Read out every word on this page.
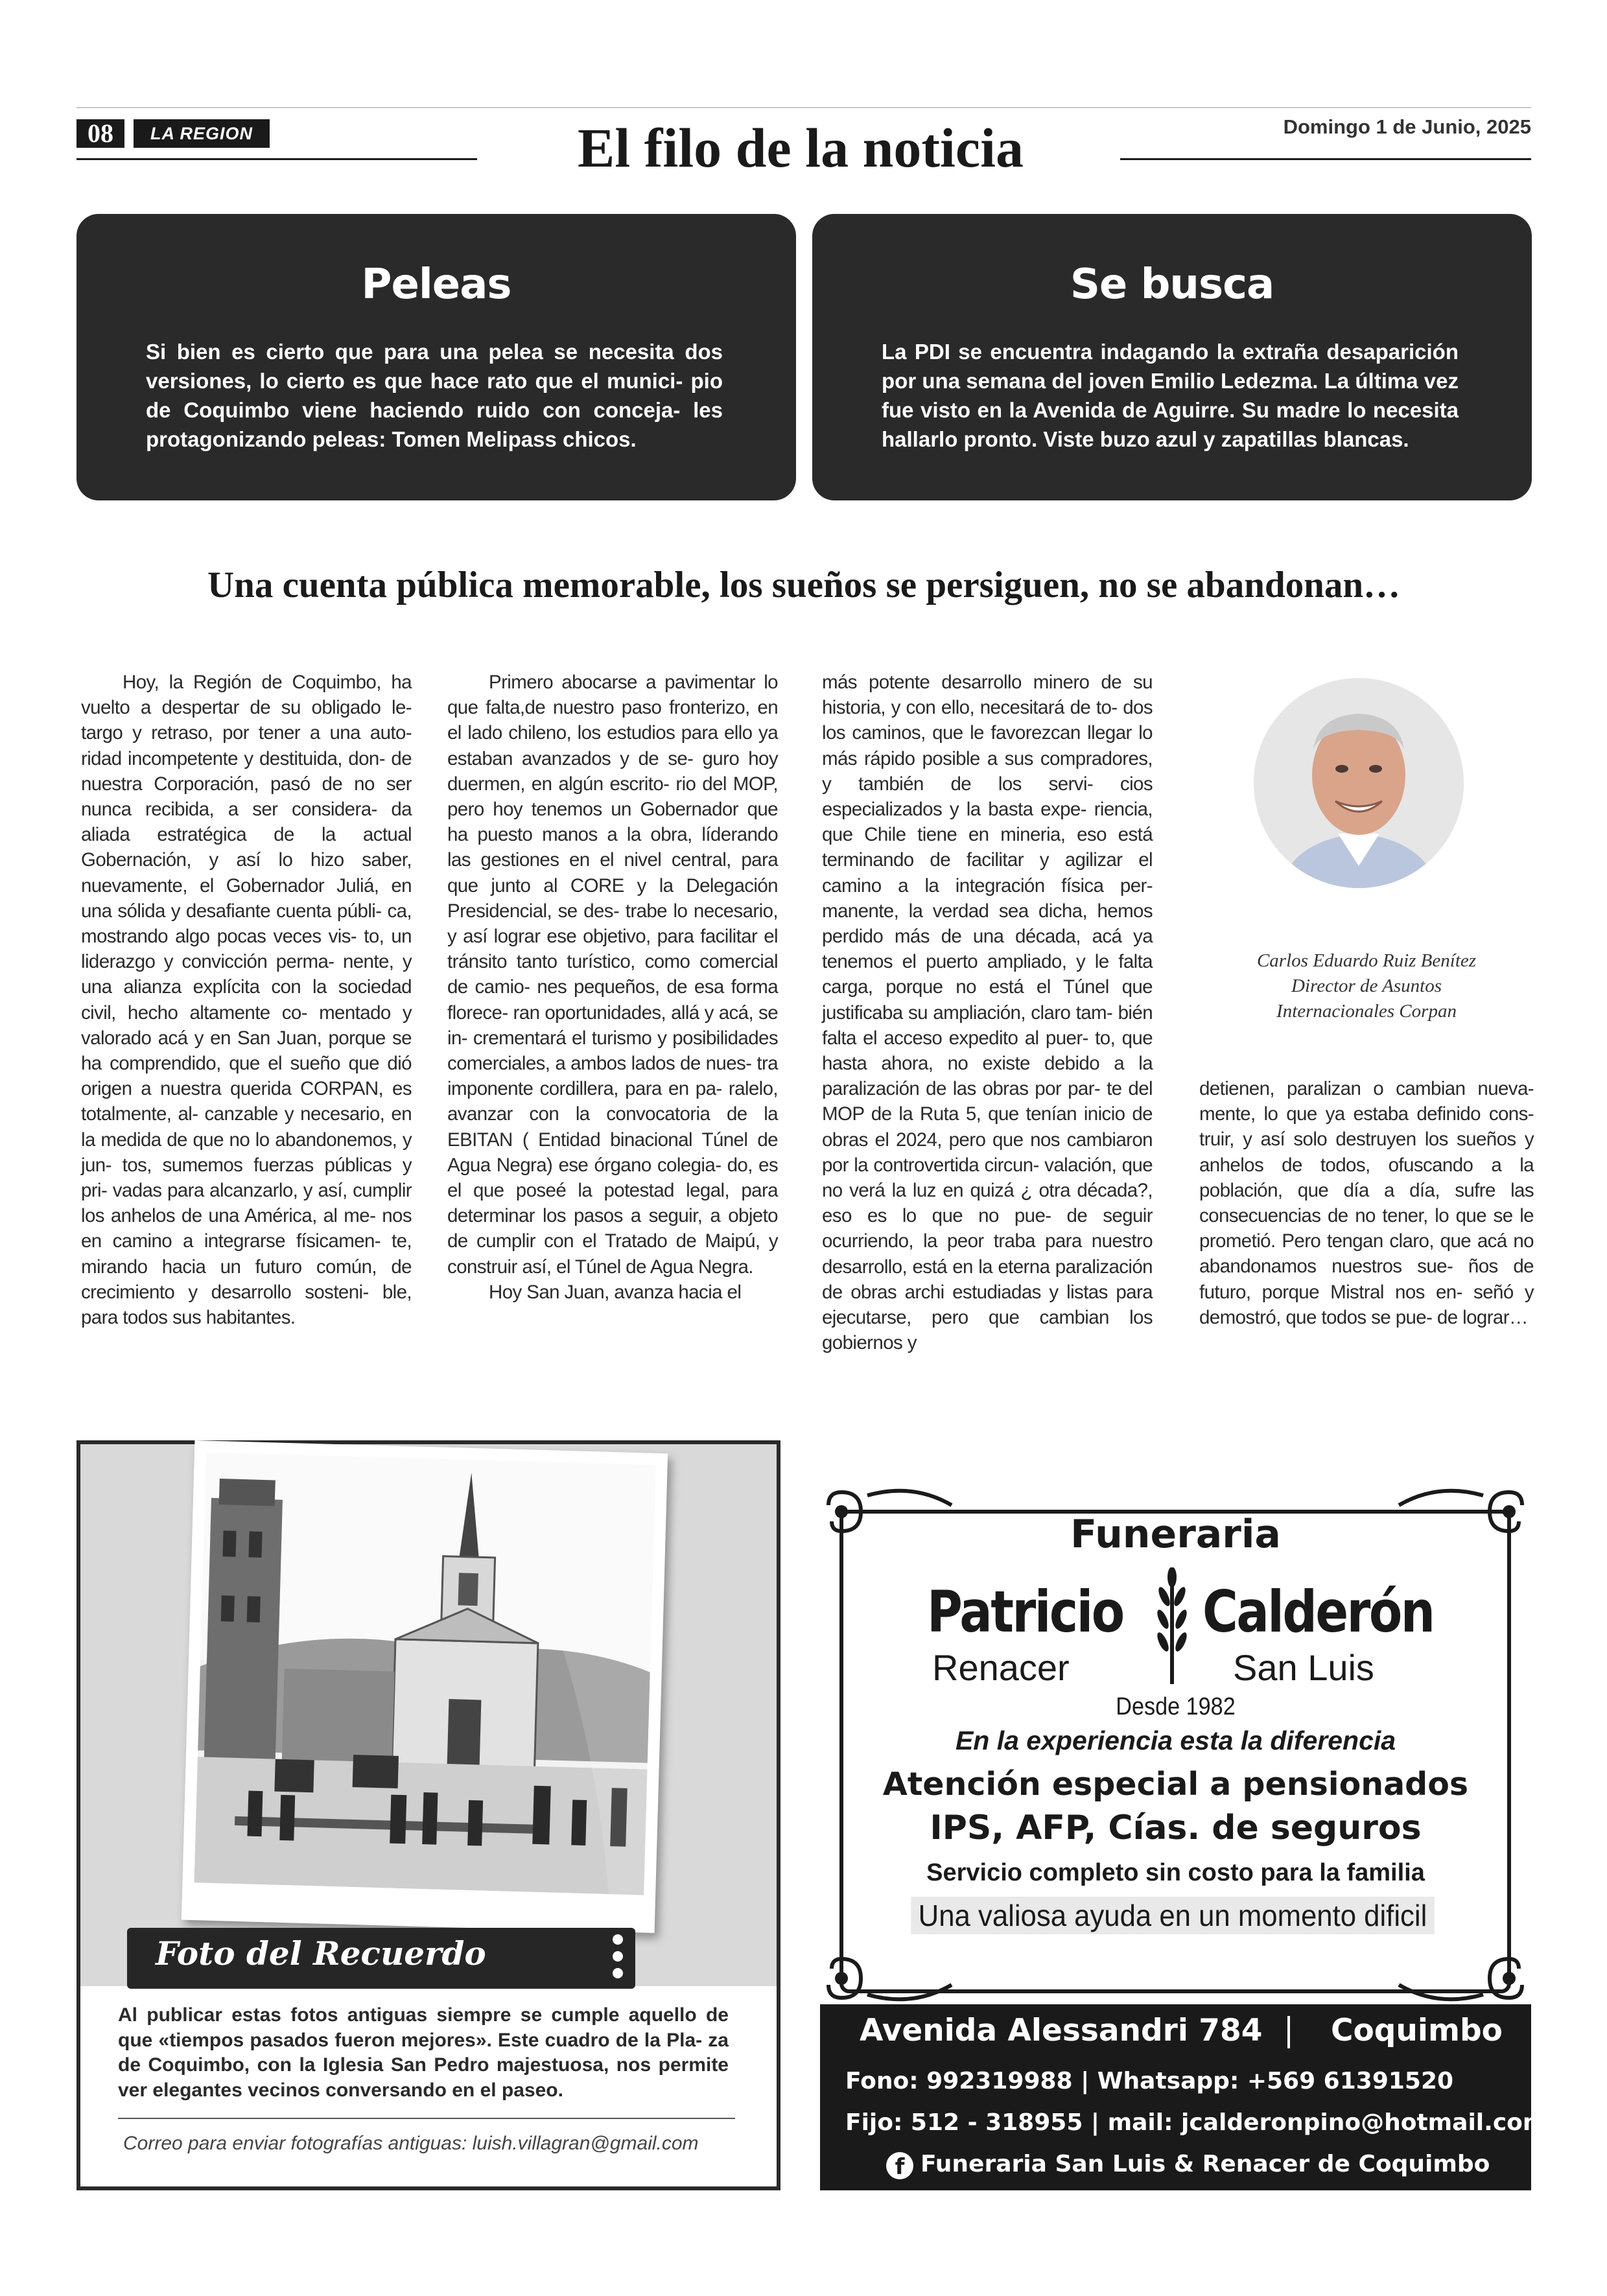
08	LA REGION	El filo de la noticia	Domingo 1 de Junio, 2025
Peleas

Si bien es cierto que para una pelea se necesita dos versiones, lo cierto es que hace rato que el munici- pio de Coquimbo viene haciendo ruido con conceja- les protagonizando peleas: Tomen Melipass chicos.

Se busca

La PDI se encuentra indagando la extraña desaparición por una semana del joven Emilio Ledezma. La última vez fue visto en la Avenida de Aguirre. Su madre lo necesita hallarlo pronto. Viste buzo azul y zapatillas blancas.

Una cuenta pública memorable, los sueños se persiguen, no se abandonan…

Hoy, la Región de Coquimbo, ha vuelto a despertar de su obligado le- targo y retraso, por tener a una auto- ridad incompetente y destituida, don- de nuestra Corporación, pasó de no ser nunca recibida, a ser considera- da aliada estratégica de la actual Gobernación, y así lo hizo saber, nuevamente, el Gobernador Juliá, en una sólida y desafiante cuenta públi- ca, mostrando algo pocas veces vis- to, un liderazgo y convicción perma- nente, y una alianza explícita con la sociedad civil, hecho altamente co- mentado y valorado acá y en San Juan, porque se ha comprendido, que el sueño que dió origen a nuestra querida CORPAN, es totalmente, al- canzable y necesario, en la medida de que no lo abandonemos, y jun- tos, sumemos fuerzas públicas y pri- vadas para alcanzarlo, y así, cumplir los anhelos de una América, al me- nos en camino a integrarse físicamen- te, mirando hacia un futuro común, de crecimiento y desarrollo sosteni- ble, para todos sus habitantes.

Primero abocarse a pavimentar lo que falta,de nuestro paso fronterizo, en el lado chileno, los estudios para ello ya estaban avanzados y de se- guro hoy duermen, en algún escrito- rio del MOP, pero hoy tenemos un Gobernador que ha puesto manos a la obra, líderando las gestiones en el nivel central, para que junto al CORE y la Delegación Presidencial, se des- trabe lo necesario, y así lograr ese objetivo, para facilitar el tránsito tanto turístico, como comercial de camio- nes pequeños, de esa forma florece- ran oportunidades, allá y acá, se in- crementará el turismo y posibilidades comerciales, a ambos lados de nues- tra imponente cordillera, para en pa- ralelo, avanzar con la convocatoria de la EBITAN ( Entidad binacional Túnel de Agua Negra) ese órgano colegia- do, es el que poseé la potestad legal, para determinar los pasos a seguir, a objeto de cumplir con el Tratado de Maipú, y construir así, el Túnel de Agua Negra.

Hoy San Juan, avanza hacia el

más potente desarrollo minero de su historia, y con ello, necesitará de to- dos los caminos, que le favorezcan llegar lo más rápido posible a sus compradores, y también de los servi- cios especializados y la basta expe- riencia, que Chile tiene en mineria, eso está terminando de facilitar y agilizar el camino a la integración física per- manente, la verdad sea dicha, hemos perdido más de una década, acá ya tenemos el puerto ampliado, y le falta carga, porque no está el Túnel que justificaba su ampliación, claro tam- bién falta el acceso expedito al puer- to, que hasta ahora, no existe debido a la paralización de las obras por par- te del MOP de la Ruta 5, que tenían inicio de obras el 2024, pero que nos cambiaron por la controvertida circun- valación, que no verá la luz en quizá ¿ otra década?, eso es lo que no pue- de seguir ocurriendo, la peor traba para nuestro desarrollo, está en la eterna paralización de obras archi estudiadas y listas para ejecutarse, pero que cambian los gobiernos y

Carlos Eduardo Ruiz Benítez
Director de Asuntos
Internacionales Corpan

detienen, paralizan o cambian nueva- mente, lo que ya estaba definido cons- truir, y así solo destruyen los sueños y anhelos de todos, ofuscando a la población, que día a día, sufre las consecuencias de no tener, lo que se le prometió. Pero tengan claro, que acá no abandonamos nuestros sue- ños de futuro, porque Mistral nos en- señó y demostró, que todos se pue- de lograr…

Foto del Recuerdo
Al publicar estas fotos antiguas siempre se cumple aquello de que «tiempos pasados fueron mejores». Este cuadro de la Pla- za de Coquimbo, con la Iglesia San Pedro majestuosa, nos permite ver elegantes vecinos conversando en el paseo.
Correo para enviar fotografías antiguas: luish.villagran@gmail.com
Funeraria
Patricio Calderón
Renacer	San Luis
Desde 1982
En la experiencia esta la diferencia
Atención especial a pensionados
IPS, AFP, Cías. de seguros
Servicio completo sin costo para la familia
Una valiosa ayuda en un momento dificil
Avenida Alessandri 784 Coquimbo
Fono: 992319988 | Whatsapp: +569 61391520
Fijo: 512 - 318955 | mail: jcalderonpino@hotmail.com
f Funeraria San Luis & Renacer de Coquimbo
